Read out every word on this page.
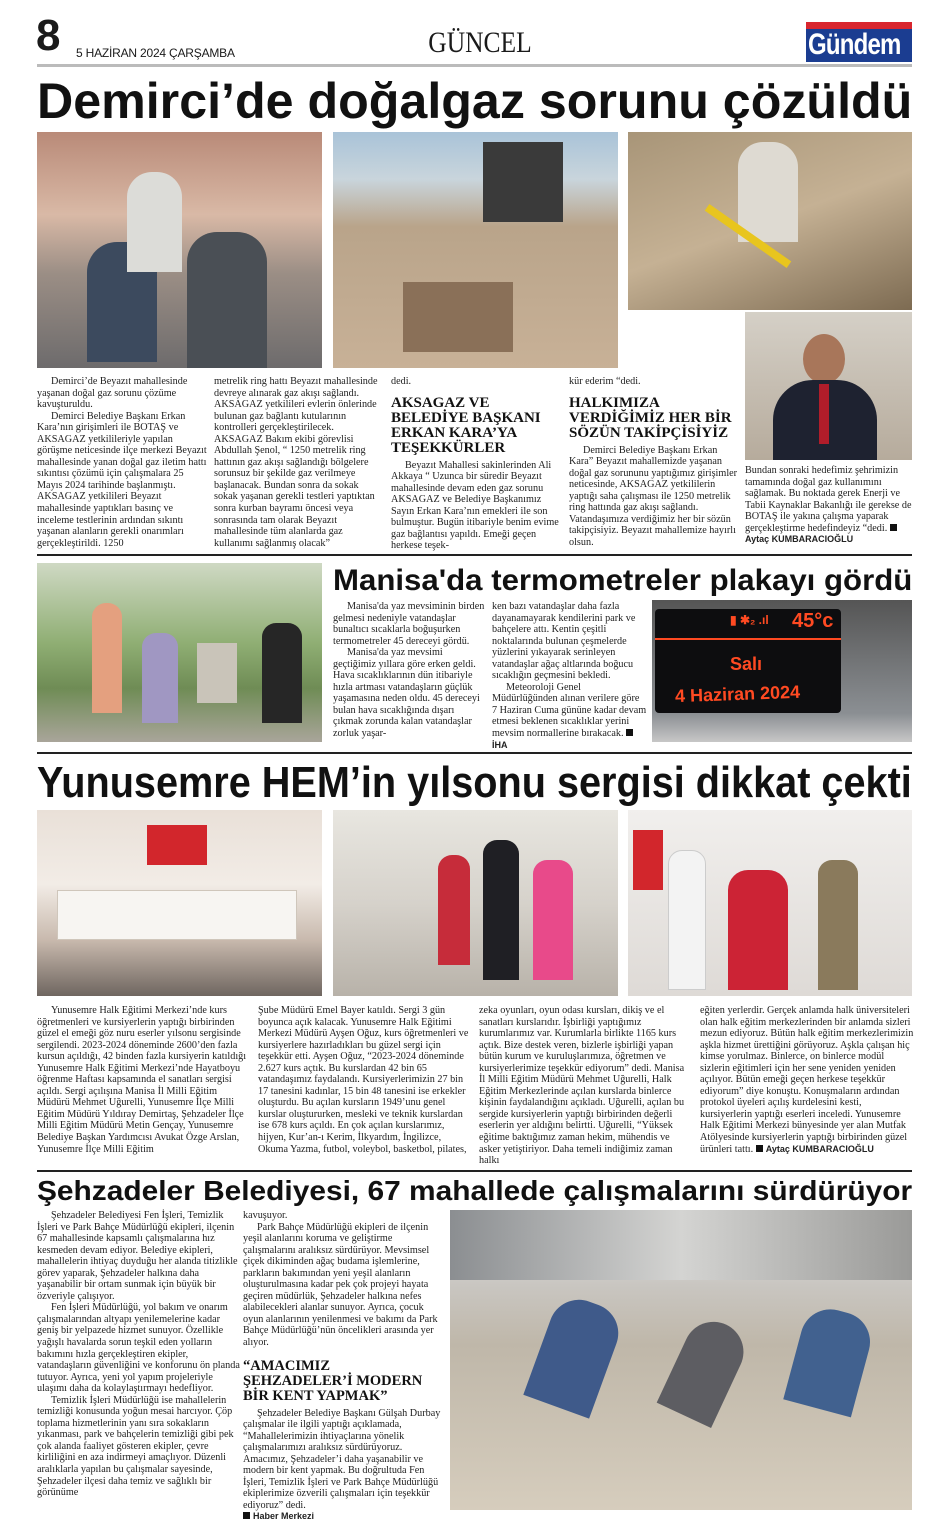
8 5 HAZİRAN 2024 ÇARŞAMBA	GÜNCEL
Manisa'da
Gündem
Demirci’de doğalgaz sorunu çözüldü

Demirci’de Beyazıt mahallesinde yaşanan doğal gaz sorunu çözüme kavuşturuldu.

Demirci Belediye Başkanı Erkan Kara’nın girişimleri ile BOTAŞ ve AKSAGAZ yetkilileriyle yapılan görüşme neticesinde ilçe merkezi Beyazıt mahallesinde yanan doğal gaz iletim hattı sıkıntısı çözümü için çalışmalara 25 Mayıs 2024 tarihinde başlanmıştı. AKSAGAZ yetkilileri Beyazıt mahallesinde yaptıkları basınç ve inceleme testlerinin ardından sıkıntı yaşanan alanların gerekli onarımları gerçekleştirildi. 1250

metrelik ring hattı Beyazıt mahallesinde devreye alınarak gaz akışı sağlandı. AKSAGAZ yetkilileri evlerin önlerinde bulunan gaz bağlantı kutularının kontrolleri gerçekleştirilecek. AKSAGAZ Bakım ekibi görevlisi Abdullah Şenol, “ 1250 metrelik ring hattının gaz akışı sağlandığı bölgelere sorunsuz bir şekilde gaz verilmeye başlanacak. Bundan sonra da sokak sokak yaşanan gerekli testleri yaptıktan sonra kurban bayramı öncesi veya sonrasında tam olarak Beyazıt mahallesinde tüm alanlarda gaz kullanımı sağlanmış olacak”

dedi.

AKSAGAZ VE BELEDİYE BAŞKANI ERKAN KARA’YA TEŞEKKÜRLER

Beyazıt Mahallesi sakinlerinden Ali Akkaya “ Uzunca bir süredir Beyazıt mahallesinde devam eden gaz sorunu AKSAGAZ ve Belediye Başkanımız Sayın Erkan Kara’nın emekleri ile son bulmuştur. Bugün itibariyle benim evime gaz bağlantısı yapıldı. Emeği geçen herkese teşek-

kür ederim “dedi.

HALKIMIZA VERDİĞİMİZ HER BİR SÖZÜN TAKİPÇİSİYİZ

Demirci Belediye Başkanı Erkan Kara” Beyazıt mahallemizde yaşanan doğal gaz sorununu yaptığımız girişimler neticesinde, AKSAGAZ yetkililerin yaptığı saha çalışması ile 1250 metrelik ring hattında gaz akışı sağlandı. Vatandaşımıza verdiğimiz her bir sözün takipçisiyiz. Beyazıt mahallemize hayırlı olsun.

Bundan sonraki hedefimiz şehrimizin tamamında doğal gaz kullanımını sağlamak. Bu noktada gerek Enerji ve Tabii Kaynaklar Bakanlığı ile gerekse de BOTAŞ ile yakına çalışma yaparak gerçekleştirme hedefindeyiz “dedi. Aytaç KUMBARACIOĞLU

Manisa'da termometreler plakayı gördü

Manisa'da yaz mevsiminin birden gelmesi nedeniyle vatandaşlar bunaltıcı sıcaklarla boğuşurken termometreler 45 dereceyi gördü.

Manisa'da yaz mevsimi geçtiğimiz yıllara göre erken geldi. Hava sıcaklıklarının dün itibariyle hızla artması vatandaşların güçlük yaşamasına neden oldu. 45 dereceyi bulan hava sıcaklığında dışarı çıkmak zorunda kalan vatandaşlar zorluk yaşar-

ken bazı vatandaşlar daha fazla dayanamayarak kendilerini park ve bahçelere attı. Kentin çeşitli noktalarında bulunan çeşmelerde yüzlerini yıkayarak serinleyen vatandaşlar ağaç altlarında boğucu sıcaklığın geçmesini bekledi.

Meteoroloji Genel Müdürlüğünden alınan verilere göre 7 Haziran Cuma gününe kadar devam etmesi beklenen sıcaklıklar yerini mevsim normallerine bırakacak. İHA

▮ ✱₂ .ıl 45°c
Salı
4 Haziran 2024
Yunusemre HEM’in yılsonu sergisi dikkat çekti

Yunusemre Halk Eğitimi Merkezi’nde kurs öğretmenleri ve kursiyerlerin yaptığı birbirinden güzel el emeği göz nuru eserler yılsonu sergisinde sergilendi. 2023-2024 döneminde 2600’den fazla kursun açıldığı, 42 binden fazla kursiyerin katıldığı Yunusemre Halk Eğitimi Merkezi’nde Hayatboyu öğrenme Haftası kapsamında el sanatları sergisi açıldı. Sergi açılışına Manisa İl Milli Eğitim Müdürü Mehmet Uğurelli, Yunusemre İlçe Milli Eğitim Müdürü Yıldıray Demirtaş, Şehzadeler İlçe Milli Eğitim Müdürü Metin Gençay, Yunusemre Belediye Başkan Yardımcısı Avukat Özge Arslan, Yunusemre İlçe Milli Eğitim

Şube Müdürü Emel Bayer katıldı. Sergi 3 gün boyunca açık kalacak. Yunusemre Halk Eğitimi Merkezi Müdürü Ayşen Oğuz, kurs öğretmenleri ve kursiyerlere hazırladıkları bu güzel sergi için teşekkür etti. Ayşen Oğuz, “2023-2024 döneminde 2.627 kurs açtık. Bu kurslardan 42 bin 65 vatandaşımız faydalandı. Kursiyerlerimizin 27 bin 17 tanesini kadınlar, 15 bin 48 tanesini ise erkekler oluşturdu. Bu açılan kursların 1949’unu genel kurslar oluştururken, mesleki ve teknik kurslardan ise 678 kurs açıldı. En çok açılan kurslarımız, hijyen, Kur’an-ı Kerim, İlkyardım, İngilizce, Okuma Yazma, futbol, voleybol, basketbol, pilates,

zeka oyunları, oyun odası kursları, dikiş ve el sanatları kurslarıdır. İşbirliği yaptığımız kurumlarımız var. Kurumlarla birlikte 1165 kurs açtık. Bize destek veren, bizlerle işbirliği yapan bütün kurum ve kuruluşlarımıza, öğretmen ve kursiyerlerimize teşekkür ediyorum” dedi. Manisa İl Milli Eğitim Müdürü Mehmet Uğurelli, Halk Eğitim Merkezlerinde açılan kurslarda binlerce kişinin faydalandığını açıkladı. Uğurelli, açılan bu sergide kursiyerlerin yaptığı birbirinden değerli eserlerin yer aldığını belirtti. Uğurelli, “Yüksek eğitime baktığımız zaman hekim, mühendis ve asker yetiştiriyor. Daha temeli indiğimiz zaman halkı

eğiten yerlerdir. Gerçek anlamda halk üniversiteleri olan halk eğitim merkezlerinden bir anlamda sizleri mezun ediyoruz. Bütün halk eğitim merkezlerimizin aşkla hizmet ürettiğini görüyoruz. Aşkla çalışan hiç kimse yorulmaz. Binlerce, on binlerce modül sizlerin eğitimleri için her sene yeniden yeniden açılıyor. Bütün emeği geçen herkese teşekkür ediyorum” diye konuştu. Konuşmaların ardından protokol üyeleri açılış kurdelesini kesti, kursiyerlerin yaptığı eserleri inceledi. Yunusemre Halk Eğitimi Merkezi bünyesinde yer alan Mutfak Atölyesinde kursiyerlerin yaptığı birbirinden güzel ürünleri tattı. Aytaç KUMBARACIOĞLU

Şehzadeler Belediyesi, 67 mahallede çalışmalarını sürdürüyor

Şehzadeler Belediyesi Fen İşleri, Temizlik İşleri ve Park Bahçe Müdürlüğü ekipleri, ilçenin 67 mahallesinde kapsamlı çalışmalarına hız kesmeden devam ediyor. Belediye ekipleri, mahallelerin ihtiyaç duyduğu her alanda titizlikle görev yaparak, Şehzadeler halkına daha yaşanabilir bir ortam sunmak için büyük bir özveriyle çalışıyor.

Fen İşleri Müdürlüğü, yol bakım ve onarım çalışmalarından altyapı yenilemelerine kadar geniş bir yelpazede hizmet sunuyor. Özellikle yağışlı havalarda sorun teşkil eden yolların bakımını hızla gerçekleştiren ekipler, vatandaşların güvenliğini ve konforunu ön planda tutuyor. Ayrıca, yeni yol yapım projeleriyle ulaşımı daha da kolaylaştırmayı hedefliyor.

Temizlik İşleri Müdürlüğü ise mahallelerin temizliği konusunda yoğun mesai harcıyor. Çöp toplama hizmetlerinin yanı sıra sokakların yıkanması, park ve bahçelerin temizliği gibi pek çok alanda faaliyet gösteren ekipler, çevre kirliliğini en aza indirmeyi amaçlıyor. Düzenli aralıklarla yapılan bu çalışmalar sayesinde, Şehzadeler ilçesi daha temiz ve sağlıklı bir görünüme

kavuşuyor.

Park Bahçe Müdürlüğü ekipleri de ilçenin yeşil alanlarını koruma ve geliştirme çalışmalarını aralıksız sürdürüyor. Mevsimsel çiçek dikiminden ağaç budama işlemlerine, parkların bakımından yeni yeşil alanların oluşturulmasına kadar pek çok projeyi hayata geçiren müdürlük, Şehzadeler halkına nefes alabilecekleri alanlar sunuyor. Ayrıca, çocuk oyun alanlarının yenilenmesi ve bakımı da Park Bahçe Müdürlüğü’nün öncelikleri arasında yer alıyor.

“AMACIMIZ ŞEHZADELER’İ MODERN BİR KENT YAPMAK”

Şehzadeler Belediye Başkanı Gülşah Durbay çalışmalar ile ilgili yaptığı açıklamada, “Mahallelerimizin ihtiyaçlarına yönelik çalışmalarımızı aralıksız sürdürüyoruz. Amacımız, Şehzadeler’i daha yaşanabilir ve modern bir kent yapmak. Bu doğrultuda Fen İşleri, Temizlik İşleri ve Park Bahçe Müdürlüğü ekiplerimize özverili çalışmaları için teşekkür ediyoruz” dedi.

Haber Merkezi
